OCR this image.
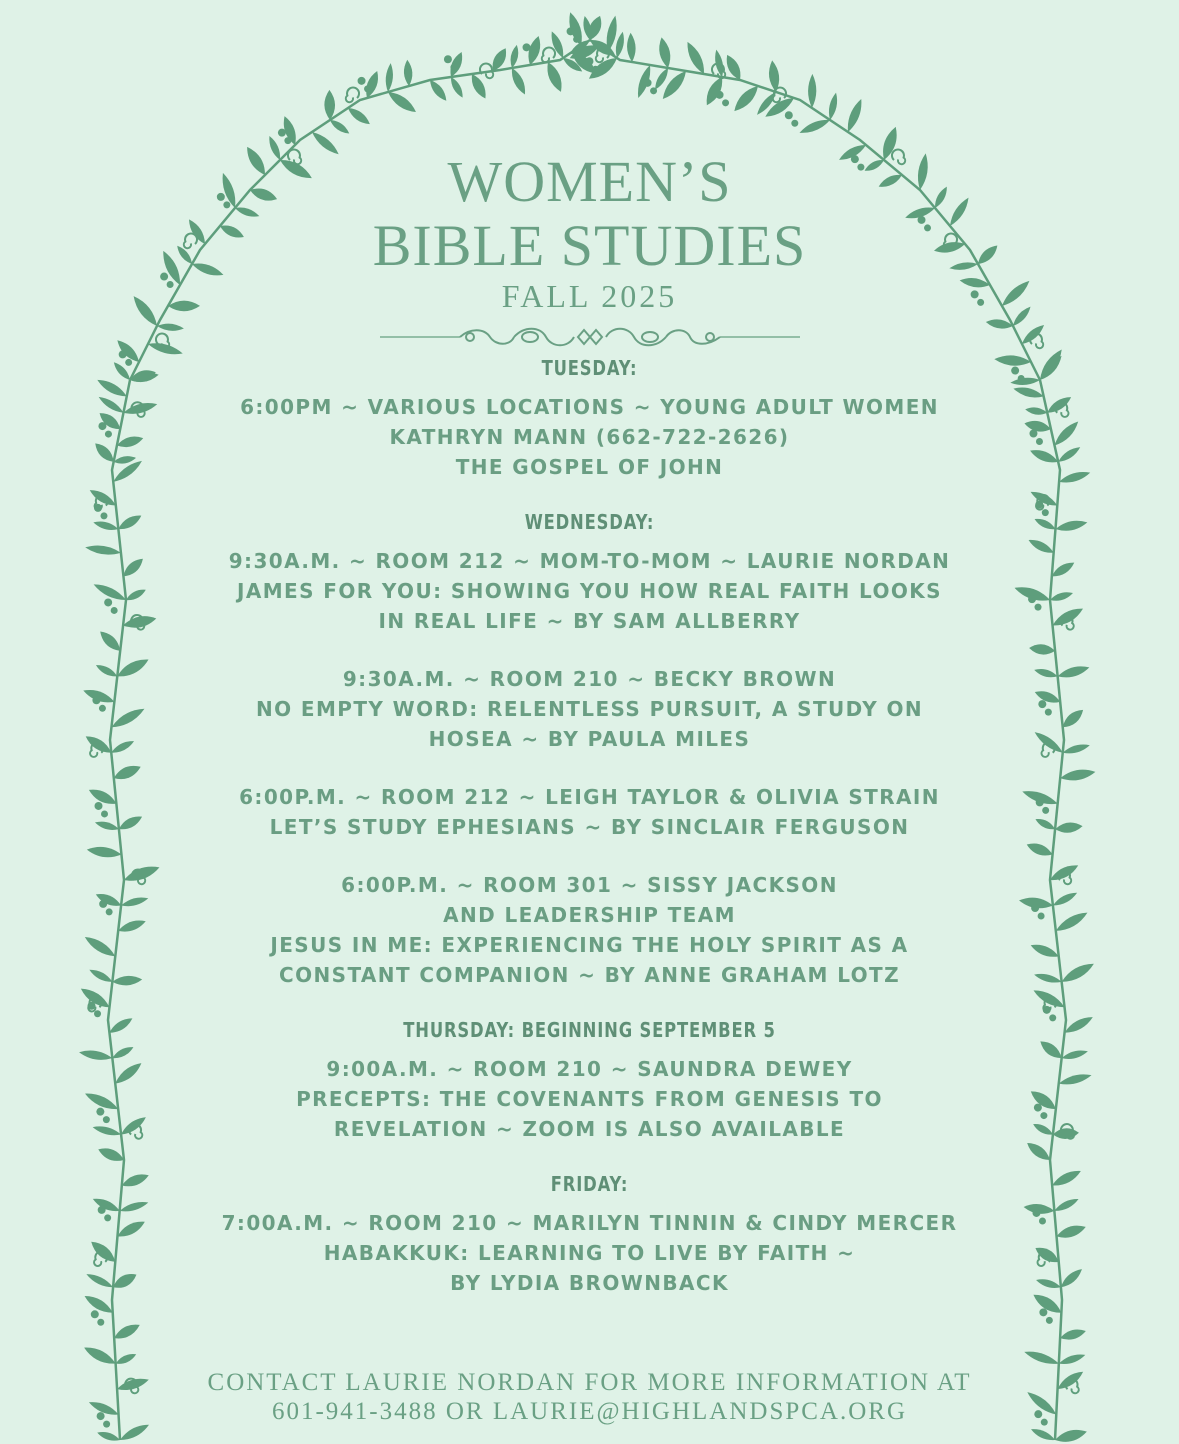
WOMEN’S
BIBLE STUDIES
FALL 2025
TUESDAY:
6:00PM ~ VARIOUS LOCATIONS ~ YOUNG ADULT WOMEN
KATHRYN MANN (662-722-2626)
THE GOSPEL OF JOHN
WEDNESDAY:
9:30A.M. ~ ROOM 212 ~ MOM-TO-MOM ~ LAURIE NORDAN
JAMES FOR YOU: SHOWING YOU HOW REAL FAITH LOOKS
IN REAL LIFE ~ BY SAM ALLBERRY
9:30A.M. ~ ROOM 210 ~ BECKY BROWN
NO EMPTY WORD: RELENTLESS PURSUIT, A STUDY ON
HOSEA ~ BY PAULA MILES
6:00P.M. ~ ROOM 212 ~ LEIGH TAYLOR & OLIVIA STRAIN
LET’S STUDY EPHESIANS ~ BY SINCLAIR FERGUSON
6:00P.M. ~ ROOM 301 ~ SISSY JACKSON
AND LEADERSHIP TEAM
JESUS IN ME: EXPERIENCING THE HOLY SPIRIT AS A
CONSTANT COMPANION ~ BY ANNE GRAHAM LOTZ
THURSDAY: BEGINNING SEPTEMBER 5
9:00A.M. ~ ROOM 210 ~ SAUNDRA DEWEY
PRECEPTS: THE COVENANTS FROM GENESIS TO
REVELATION ~ ZOOM IS ALSO AVAILABLE
FRIDAY:
7:00A.M. ~ ROOM 210 ~ MARILYN TINNIN & CINDY MERCER
HABAKKUK: LEARNING TO LIVE BY FAITH ~
BY LYDIA BROWNBACK
CONTACT LAURIE NORDAN FOR MORE INFORMATION AT
601-941-3488 OR LAURIE@HIGHLANDSPCA.ORG
